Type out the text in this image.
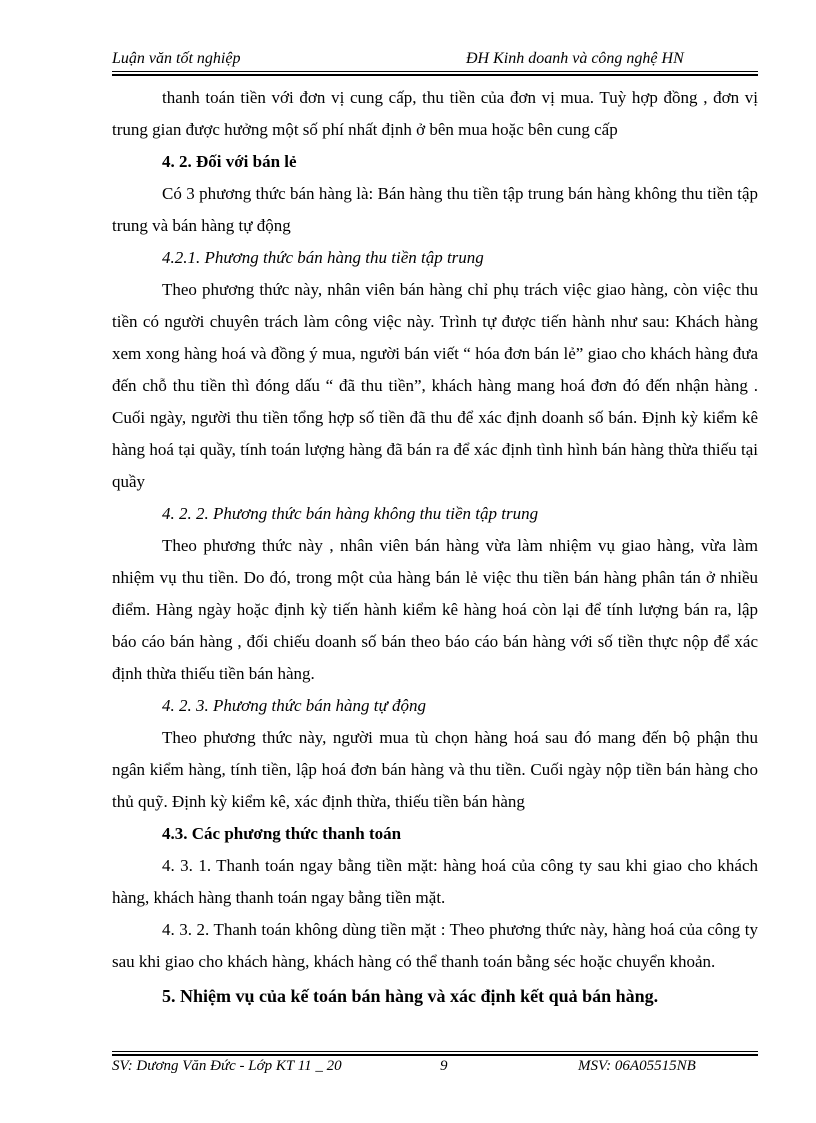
Luận văn tốt nghiệp	ĐH Kinh doanh và công nghệ HN

thanh toán tiền với đơn vị cung cấp, thu tiền của đơn vị mua. Tuỳ hợp đồng , đơn vị trung gian được hưởng một số phí nhất định ở bên mua hoặc bên cung cấp

4. 2. Đối với bán lẻ

Có 3 phương thức bán hàng là: Bán hàng thu tiền tập trung bán hàng không thu tiền tập trung và bán hàng tự động

4.2.1. Phương thức bán hàng thu tiền tập trung

Theo phương thức này, nhân viên bán hàng chỉ phụ trách việc giao hàng, còn việc thu tiền có người chuyên trách làm công việc này. Trình tự được tiến hành như sau: Khách hàng xem xong hàng hoá và đồng ý mua, người bán viết “ hóa đơn bán lẻ” giao cho khách hàng đưa đến chỗ thu tiền thì đóng dấu “ đã thu tiền”, khách hàng mang hoá đơn đó đến nhận hàng . Cuối ngày, người thu tiền tổng hợp số tiền đã thu để xác định doanh số bán. Định kỳ kiểm kê hàng hoá tại quầy, tính toán lượng hàng đã bán ra để xác định tình hình bán hàng thừa thiếu tại quầy

4. 2. 2. Phương thức bán hàng không thu tiền tập trung

Theo phương thức này , nhân viên bán hàng vừa làm nhiệm vụ giao hàng, vừa làm nhiệm vụ thu tiền. Do đó, trong một của hàng bán lẻ việc thu tiền bán hàng phân tán ở nhiều điểm. Hàng ngày hoặc định kỳ tiến hành kiểm kê hàng hoá còn lại để tính lượng bán ra, lập báo cáo bán hàng , đối chiếu doanh số bán theo báo cáo bán hàng với số tiền thực nộp để xác định thừa thiếu tiền bán hàng.

4. 2. 3. Phương thức bán hàng tự động

Theo phương thức này, người mua tù chọn hàng hoá sau đó mang đến bộ phận thu ngân kiểm hàng, tính tiền, lập hoá đơn bán hàng và thu tiền. Cuối ngày nộp tiền bán hàng cho thủ quỹ. Định kỳ kiểm kê, xác định thừa, thiếu tiền bán hàng

4.3. Các phương thức thanh toán

4. 3. 1. Thanh toán ngay bằng tiền mặt: hàng hoá của công ty sau khi giao cho khách hàng, khách hàng thanh toán ngay bằng tiền mặt.

4. 3. 2. Thanh toán không dùng tiền mặt : Theo phương thức này, hàng hoá của công ty sau khi giao cho khách hàng, khách hàng có thể thanh toán bằng séc hoặc chuyển khoản.

5. Nhiệm vụ của kế toán bán hàng và xác định kết quả bán hàng.

SV: Dương Văn Đức - Lớp KT 11 _ 20	9	MSV: 06A05515NB
